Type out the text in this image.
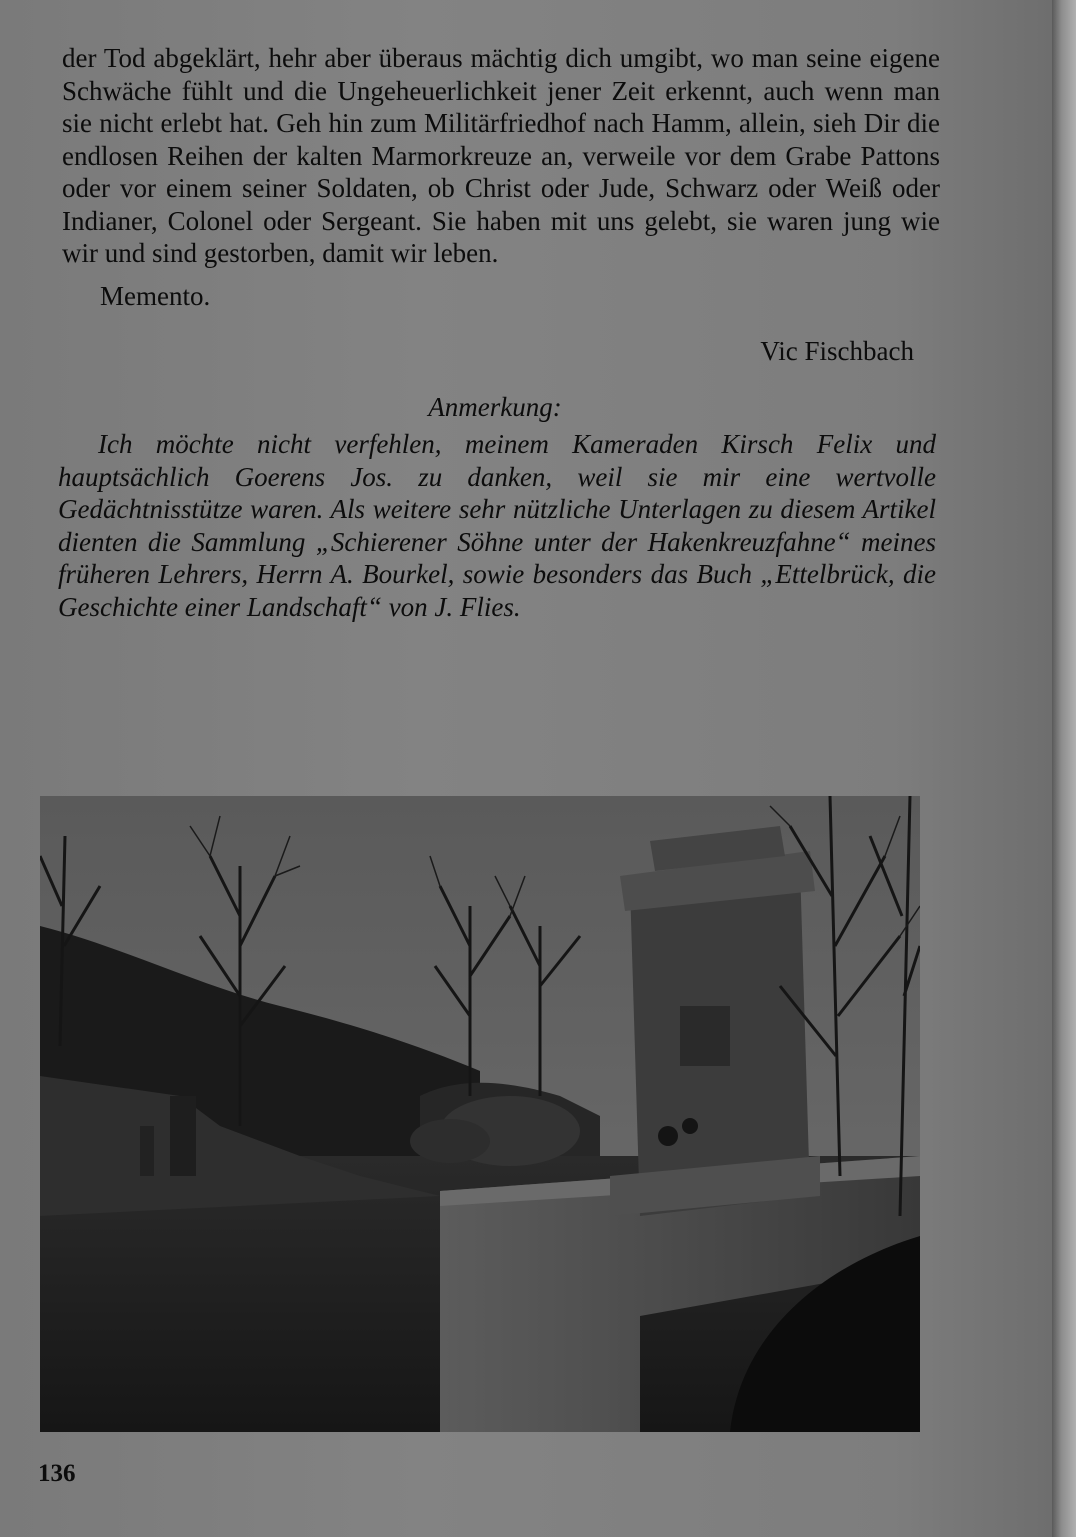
der Tod abgeklärt, hehr aber überaus mächtig dich umgibt, wo man seine eigene Schwäche fühlt und die Ungeheuerlichkeit jener Zeit erkennt, auch wenn man sie nicht erlebt hat. Geh hin zum Militärfriedhof nach Hamm, allein, sieh Dir die endlosen Reihen der kalten Marmorkreuze an, verweile vor dem Grabe Pattons oder vor einem seiner Soldaten, ob Christ oder Jude, Schwarz oder Weiß oder Indianer, Colonel oder Sergeant. Sie haben mit uns gelebt, sie waren jung wie wir und sind gestorben, damit wir leben.

Memento.

Vic Fischbach

Anmerkung:

Ich möchte nicht verfehlen, meinem Kameraden Kirsch Felix und hauptsächlich Goerens Jos. zu danken, weil sie mir eine wertvolle Gedächtnisstütze waren. Als weitere sehr nützliche Unterlagen zu diesem Artikel dienten die Sammlung „Schierener Söhne unter der Hakenkreuzfahne“ meines früheren Lehrers, Herrn A. Bourkel, sowie besonders das Buch „Ettelbrück, die Geschichte einer Landschaft“ von J. Flies.

136
